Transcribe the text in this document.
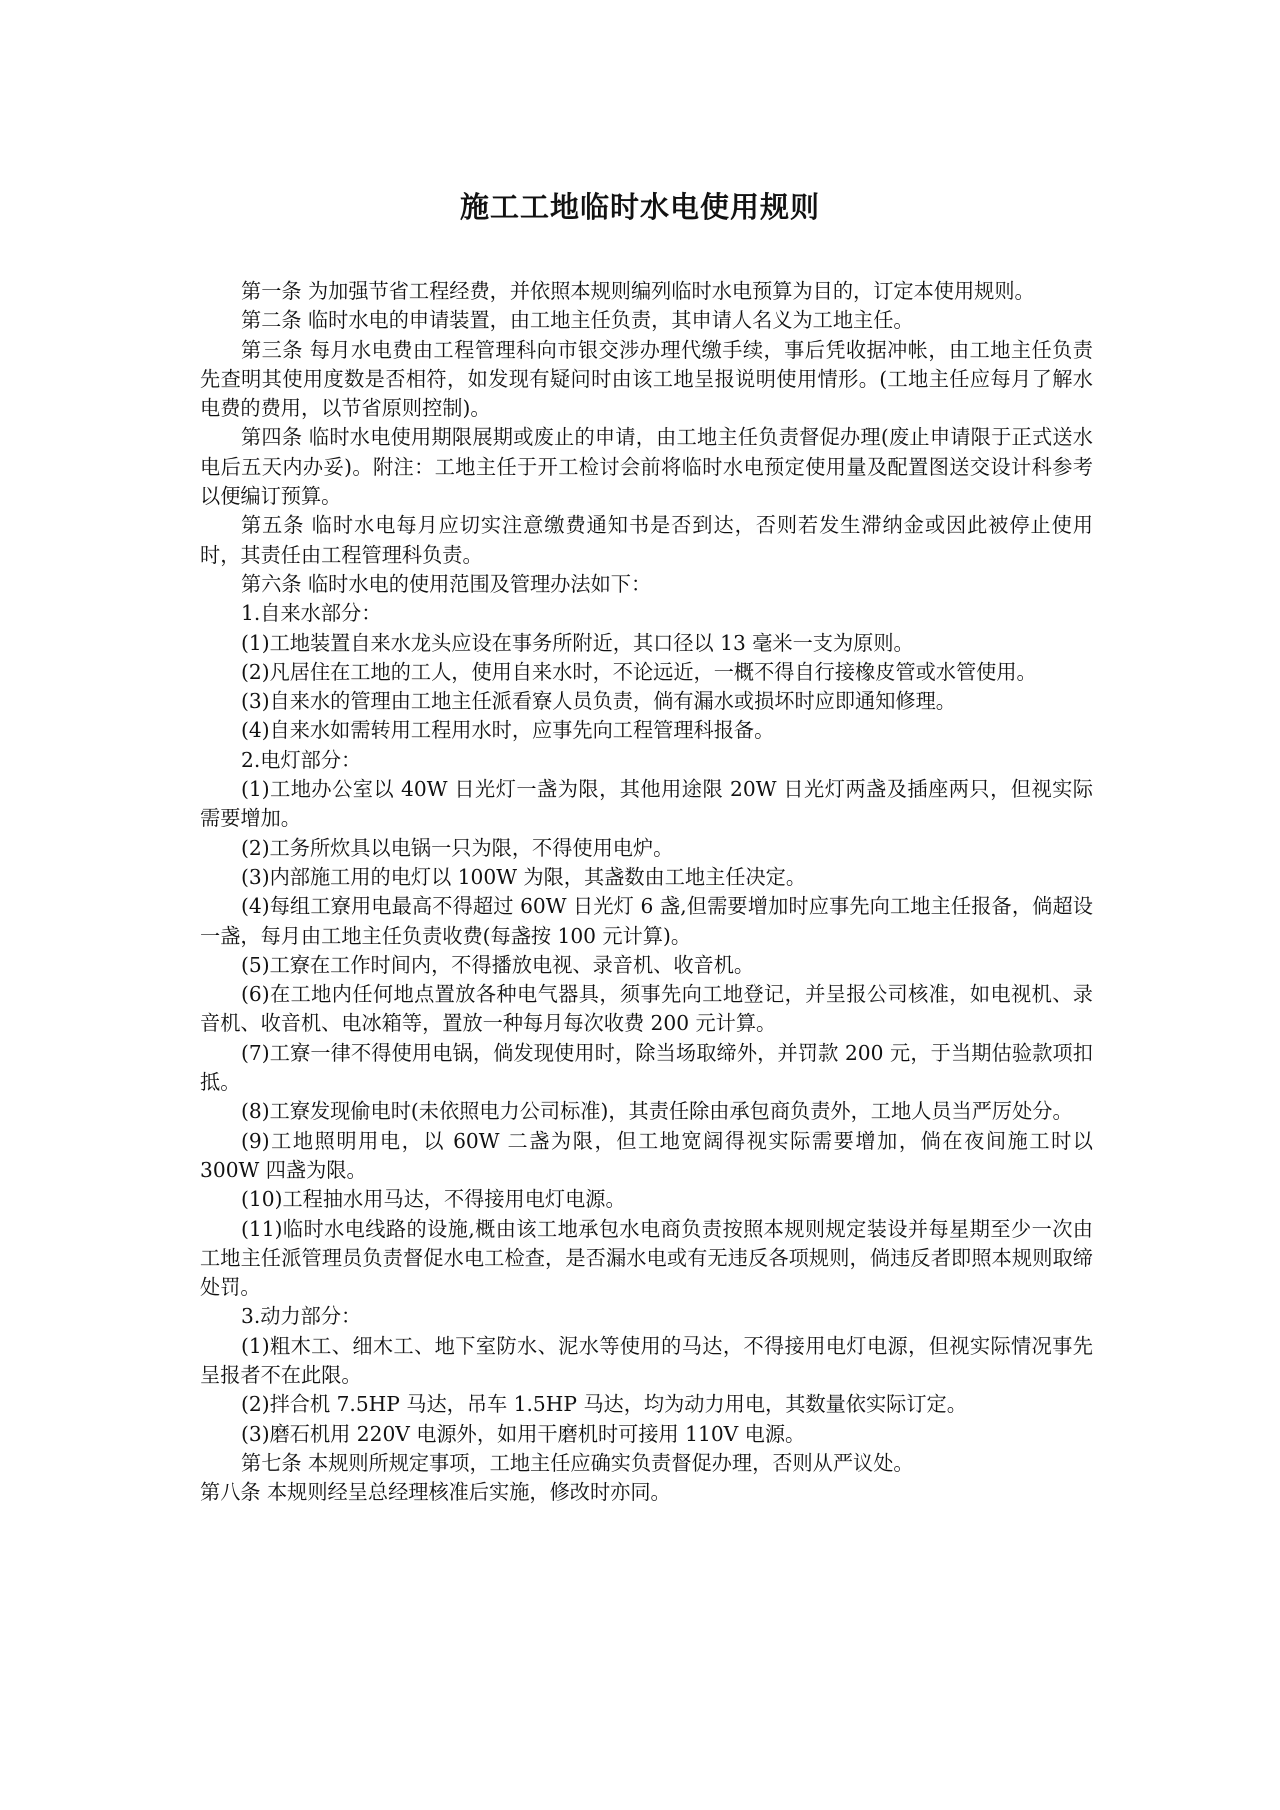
施工工地临时水电使用规则

第一条 为加强节省工程经费，并依照本规则编列临时水电预算为目的，订定本使用规则。

第二条 临时水电的申请装置，由工地主任负责，其申请人名义为工地主任。

第三条 每月水电费由工程管理科向市银交涉办理代缴手续，事后凭收据冲帐，由工地主任负责先查明其使用度数是否相符，如发现有疑问时由该工地呈报说明使用情形。(工地主任应每月了解水电费的费用，以节省原则控制)。

第四条 临时水电使用期限展期或废止的申请，由工地主任负责督促办理(废止申请限于正式送水电后五天内办妥)。附注：工地主任于开工检讨会前将临时水电预定使用量及配置图送交设计科参考以便编订预算。

第五条 临时水电每月应切实注意缴费通知书是否到达，否则若发生滞纳金或因此被停止使用时，其责任由工程管理科负责。

第六条 临时水电的使用范围及管理办法如下：

1.自来水部分：

(1)工地装置自来水龙头应设在事务所附近，其口径以 13 毫米一支为原则。

(2)凡居住在工地的工人，使用自来水时，不论远近，一概不得自行接橡皮管或水管使用。

(3)自来水的管理由工地主任派看寮人员负责，倘有漏水或损坏时应即通知修理。

(4)自来水如需转用工程用水时，应事先向工程管理科报备。

2.电灯部分：

(1)工地办公室以 40W 日光灯一盏为限，其他用途限 20W 日光灯两盏及插座两只，但视实际需要增加。

(2)工务所炊具以电锅一只为限，不得使用电炉。

(3)内部施工用的电灯以 100W 为限，其盏数由工地主任决定。

(4)每组工寮用电最高不得超过 60W 日光灯 6 盏,但需要增加时应事先向工地主任报备，倘超设一盏，每月由工地主任负责收费(每盏按 100 元计算)。

(5)工寮在工作时间内，不得播放电视、录音机、收音机。

(6)在工地内任何地点置放各种电气器具，须事先向工地登记，并呈报公司核准，如电视机、录音机、收音机、电冰箱等，置放一种每月每次收费 200 元计算。

(7)工寮一律不得使用电锅，倘发现使用时，除当场取缔外，并罚款 200 元，于当期估验款项扣抵。

(8)工寮发现偷电时(未依照电力公司标准)，其责任除由承包商负责外，工地人员当严厉处分。

(9)工地照明用电，以 60W 二盏为限，但工地宽阔得视实际需要增加，倘在夜间施工时以 300W 四盏为限。

(10)工程抽水用马达，不得接用电灯电源。

(11)临时水电线路的设施,概由该工地承包水电商负责按照本规则规定装设并每星期至少一次由工地主任派管理员负责督促水电工检查，是否漏水电或有无违反各项规则，倘违反者即照本规则取缔处罚。

3.动力部分：

(1)粗木工、细木工、地下室防水、泥水等使用的马达，不得接用电灯电源，但视实际情况事先呈报者不在此限。

(2)拌合机 7.5HP 马达，吊车 1.5HP 马达，均为动力用电，其数量依实际订定。

(3)磨石机用 220V 电源外，如用干磨机时可接用 110V 电源。

第七条 本规则所规定事项，工地主任应确实负责督促办理，否则从严议处。

第八条 本规则经呈总经理核准后实施，修改时亦同。
